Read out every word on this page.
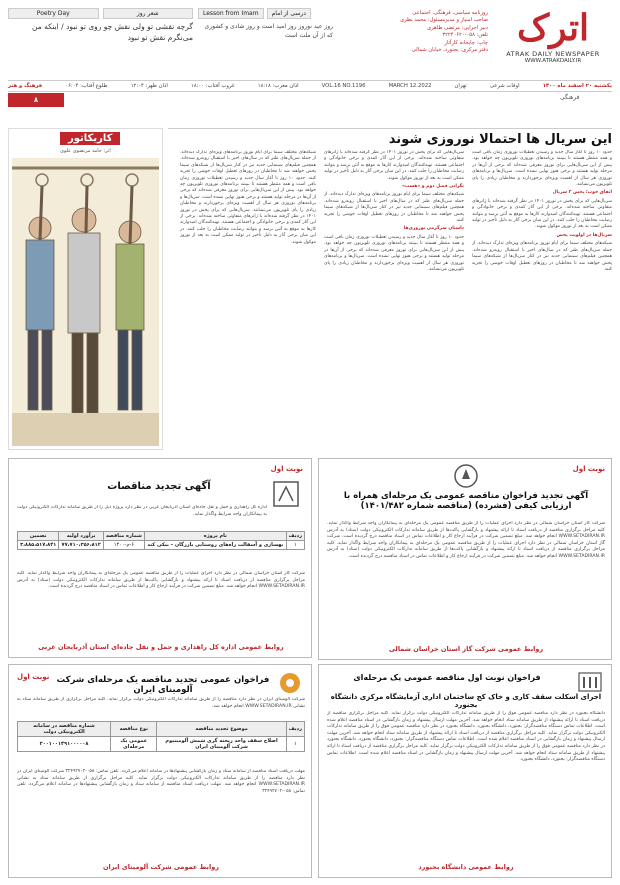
Poetry Day	شعر روز
گرچه نقشی تو ولی نقش چو روی تو نبود / اینکه من می‌نگرم نقش تو نبود
Lesson from Imam	درسی از امام
روز عید نوروز روز امید است و روز شادی و کشوری که از آن ملت است
روزنامه سیاسی، فرهنگی، اجتماعی
صاحب امتیاز و مدیرمسئول: محمد نظری
دبیر اجرایی: مرتضی طاهری
تلفن: ۰۵۸-۳۲۲۴۰۶۲۰
چاپ: چاپخانه کارآثار
دفتر مرکزی: بجنورد، خیابان شمالی
اترک
ATRAK DAILY NEWSPAPER
WWW.ATRAKDAILY.IR
فرهنگ و هنر	طلوع آفتاب: ۰۶:۰۴	اذان ظهر: ۱۲:۰۴	غروب آفتاب: ۱۸:۰۰	اذان مغرب: ۱۸:۱۸	VOL.16 NO.1196	MARCH 12.2022	تهران	اوقات شرعی	یکشنبه ۲۰ اسفند ماه ۱۴۰۰
۸	فرهنگی
این سریال ها احتمالا نوروزی شوند
حدود ۱۰ روز تا آغاز سال جدید و رسیدن تعطیلات نوروزی زمان باقی است و همه منتظر هستند تا ببینند برنامه‌های نوروزی تلویزیون چه خواهد بود. پیش از این سریال‌هایی برای نوروز معرفی شده‌اند که برخی از آن‌ها در مرحله تولید هستند و برخی هنوز نهایی نشده است. سریال‌ها و برنامه‌های نوروزی هر سال از اهمیت ویژه‌ای برخوردارند و مخاطبان زیادی را پای تلویزیون می‌نشانند.
اتفاق خوب؛ پخش ۲ سریال
سریال‌هایی که برای پخش در نوروز ۱۴۰۱ در نظر گرفته شده‌اند با ژانرهای متفاوتی ساخته شده‌اند. برخی از این آثار کمدی و برخی خانوادگی و اجتماعی هستند. تهیه‌کنندگان امیدوارند کارها به موقع به آنتن برسد و بتوانند رضایت مخاطبان را جلب کنند. در این میان برخی آثار به دلیل تأخیر در تولید ممکن است به بعد از نوروز موکول شوند.
سریال‌ها در اولویت پخش
شبکه‌های مختلف سیما برای ایام نوروز برنامه‌های ویژه‌ای تدارک دیده‌اند. از جمله سریال‌های طنز که در سال‌های اخیر با استقبال روبه‌رو شده‌اند. همچنین فیلم‌های سینمایی جدید نیز در کنار سریال‌ها از شبکه‌های سیما پخش خواهند شد تا مخاطبان در روزهای تعطیل اوقات خوشی را تجربه کنند.
سریال‌هایی که برای پخش در نوروز ۱۴۰۱ در نظر گرفته شده‌اند با ژانرهای متفاوتی ساخته شده‌اند. برخی از این آثار کمدی و برخی خانوادگی و اجتماعی هستند. تهیه‌کنندگان امیدوارند کارها به موقع به آنتن برسد و بتوانند رضایت مخاطبان را جلب کنند. در این میان برخی آثار به دلیل تأخیر در تولید ممکن است به بعد از نوروز موکول شوند.
نگرانی فصل دوم و «هست»
شبکه‌های مختلف سیما برای ایام نوروز برنامه‌های ویژه‌ای تدارک دیده‌اند. از جمله سریال‌های طنز که در سال‌های اخیر با استقبال روبه‌رو شده‌اند. همچنین فیلم‌های سینمایی جدید نیز در کنار سریال‌ها از شبکه‌های سیما پخش خواهند شد تا مخاطبان در روزهای تعطیل اوقات خوشی را تجربه کنند.
داستان سرگرمی نوروزی‌ها
حدود ۱۰ روز تا آغاز سال جدید و رسیدن تعطیلات نوروزی زمان باقی است و همه منتظر هستند تا ببینند برنامه‌های نوروزی تلویزیون چه خواهد بود. پیش از این سریال‌هایی برای نوروز معرفی شده‌اند که برخی از آن‌ها در مرحله تولید هستند و برخی هنوز نهایی نشده است. سریال‌ها و برنامه‌های نوروزی هر سال از اهمیت ویژه‌ای برخوردارند و مخاطبان زیادی را پای تلویزیون می‌نشانند.
شبکه‌های مختلف سیما برای ایام نوروز برنامه‌های ویژه‌ای تدارک دیده‌اند. از جمله سریال‌های طنز که در سال‌های اخیر با استقبال روبه‌رو شده‌اند. همچنین فیلم‌های سینمایی جدید نیز در کنار سریال‌ها از شبکه‌های سیما پخش خواهند شد تا مخاطبان در روزهای تعطیل اوقات خوشی را تجربه کنند. حدود ۱۰ روز تا آغاز سال جدید و رسیدن تعطیلات نوروزی زمان باقی است و همه منتظر هستند تا ببینند برنامه‌های نوروزی تلویزیون چه خواهد بود. پیش از این سریال‌هایی برای نوروز معرفی شده‌اند که برخی از آن‌ها در مرحله تولید هستند و برخی هنوز نهایی نشده است. سریال‌ها و برنامه‌های نوروزی هر سال از اهمیت ویژه‌ای برخوردارند و مخاطبان زیادی را پای تلویزیون می‌نشانند. سریال‌هایی که برای پخش در نوروز ۱۴۰۱ در نظر گرفته شده‌اند با ژانرهای متفاوتی ساخته شده‌اند. برخی از این آثار کمدی و برخی خانوادگی و اجتماعی هستند. تهیه‌کنندگان امیدوارند کارها به موقع به آنتن برسد و بتوانند رضایت مخاطبان را جلب کنند. در این میان برخی آثار به دلیل تأخیر در تولید ممکن است به بعد از نوروز موکول شوند.
کاریکاتور
اثر: حامد مرتضوی علوی
نوبت اول
آگهی تجدید فراخوان مناقصه عمومی یک مرحله‌ای همراه با ارزیابی کیفی (فشرده) (مناقصه شماره ۱۴۰۱/۴۸۲)
شرکت گاز استان خراسان شمالی در نظر دارد اجرای عملیات را از طریق مناقصه عمومی یک مرحله‌ای به پیمانکاران واجد شرایط واگذار نماید. کلیه مراحل برگزاری مناقصه از دریافت اسناد تا ارائه پیشنهاد و بازگشایی پاکت‌ها از طریق سامانه تدارکات الکترونیکی دولت (ستاد) به آدرس WWW.SETADIRAN.IR انجام خواهد شد. مبلغ تضمین شرکت در فرآیند ارجاع کار و اطلاعات تماس در اسناد مناقصه درج گردیده است. شرکت گاز استان خراسان شمالی در نظر دارد اجرای عملیات را از طریق مناقصه عمومی یک مرحله‌ای به پیمانکاران واجد شرایط واگذار نماید. کلیه مراحل برگزاری مناقصه از دریافت اسناد تا ارائه پیشنهاد و بازگشایی پاکت‌ها از طریق سامانه تدارکات الکترونیکی دولت (ستاد) به آدرس WWW.SETADIRAN.IR انجام خواهد شد. مبلغ تضمین شرکت در فرآیند ارجاع کار و اطلاعات تماس در اسناد مناقصه درج گردیده است.
روابط عمومی شرکت گاز استان خراسان شمالی
نوبت اول
آگهی تجدید مناقصات
اداره کل راهداری و حمل و نقل جاده‌ای استان آذربایجان غربی در نظر دارد پروژه ذیل را از طریق سامانه تدارکات الکترونیکی دولت به پیمانکاران واجد شرایط واگذار نماید.
ردیف	نام پروژه	شماره مناقصه	برآورد اولیه	تضمین
۱	بهسازی و آسفالت راه‌های روستایی بازرگان – نیکی کند	۶-م-۱۴۰۰	۷۷،۷۱۰،۳۵۶،۸۱۲	۳،۸۸۵،۵۱۷،۸۴۱
شرکت گاز استان خراسان شمالی در نظر دارد اجرای عملیات را از طریق مناقصه عمومی یک مرحله‌ای به پیمانکاران واجد شرایط واگذار نماید. کلیه مراحل برگزاری مناقصه از دریافت اسناد تا ارائه پیشنهاد و بازگشایی پاکت‌ها از طریق سامانه تدارکات الکترونیکی دولت (ستاد) به آدرس WWW.SETADIRAN.IR انجام خواهد شد. مبلغ تضمین شرکت در فرآیند ارجاع کار و اطلاعات تماس در اسناد مناقصه درج گردیده است.
روابط عمومی اداره کل راهداری و حمل و نقل جاده‌ای استان آذربایجان غربی
فراخوان نوبت اول مناقصه عمومی یک مرحله‌ای
اجرای اسکلت سقف کاری و خاک کج ساختمان اداری آزمایشگاه مرکزی دانشگاه بجنورد
دانشگاه بجنورد در نظر دارد مناقصه عمومی فوق را از طریق سامانه تدارکات الکترونیکی دولت برگزار نماید. کلیه مراحل برگزاری مناقصه از دریافت اسناد تا ارائه پیشنهاد از طریق سامانه ستاد انجام خواهد شد. آخرین مهلت ارسال پیشنهاد و زمان بازگشایی در اسناد مناقصه اعلام شده است. اطلاعات تماس دستگاه مناقصه‌گزار: بجنورد، دانشگاه بجنورد. دانشگاه بجنورد در نظر دارد مناقصه عمومی فوق را از طریق سامانه تدارکات الکترونیکی دولت برگزار نماید. کلیه مراحل برگزاری مناقصه از دریافت اسناد تا ارائه پیشنهاد از طریق سامانه ستاد انجام خواهد شد. آخرین مهلت ارسال پیشنهاد و زمان بازگشایی در اسناد مناقصه اعلام شده است. اطلاعات تماس دستگاه مناقصه‌گزار: بجنورد، دانشگاه بجنورد. دانشگاه بجنورد در نظر دارد مناقصه عمومی فوق را از طریق سامانه تدارکات الکترونیکی دولت برگزار نماید. کلیه مراحل برگزاری مناقصه از دریافت اسناد تا ارائه پیشنهاد از طریق سامانه ستاد انجام خواهد شد. آخرین مهلت ارسال پیشنهاد و زمان بازگشایی در اسناد مناقصه اعلام شده است. اطلاعات تماس دستگاه مناقصه‌گزار: بجنورد، دانشگاه بجنورد.
روابط عمومی دانشگاه بجنورد
نوبت اول فراخوان عمومی تجدید مناقصه یک مرحله‌ای شرکت آلومینای ایران
شرکت آلومینای ایران در نظر دارد مناقصه را از طریق سامانه تدارکات الکترونیکی دولت برگزار نماید. کلیه مراحل برگزاری از طریق سامانه ستاد به نشانی WWW.SETADIRAN.IR انجام خواهد شد.
ردیف	موضوع تجدید مناقصه	نوع مناقصه	شماره مناقصه در سامانه الکترونیکی دولت
۱	اصلاح سقف واحد ریخته گری شمش آلومینیوم شرکت آلومینای ایران	عمومی یک مرحله‌ای	۲۰۰۱۰۰۱۴۹۱۰۰۰۰۰۸
مهلت دریافت اسناد مناقصه از سامانه ستاد و زمان بازگشایی پیشنهادها در سامانه اعلام می‌گردد. تلفن تماس: ۰۵۸-۳۲۴۹۲۷۰۲ شرکت آلومینای ایران در نظر دارد مناقصه را از طریق سامانه تدارکات الکترونیکی دولت برگزار نماید. کلیه مراحل برگزاری از طریق سامانه ستاد به نشانی WWW.SETADIRAN.IR انجام خواهد شد. مهلت دریافت اسناد مناقصه از سامانه ستاد و زمان بازگشایی پیشنهادها در سامانه اعلام می‌گردد. تلفن تماس: ۰۵۸-۳۲۴۹۲۷۰۲
روابط عمومی شرکت آلومینای ایران
